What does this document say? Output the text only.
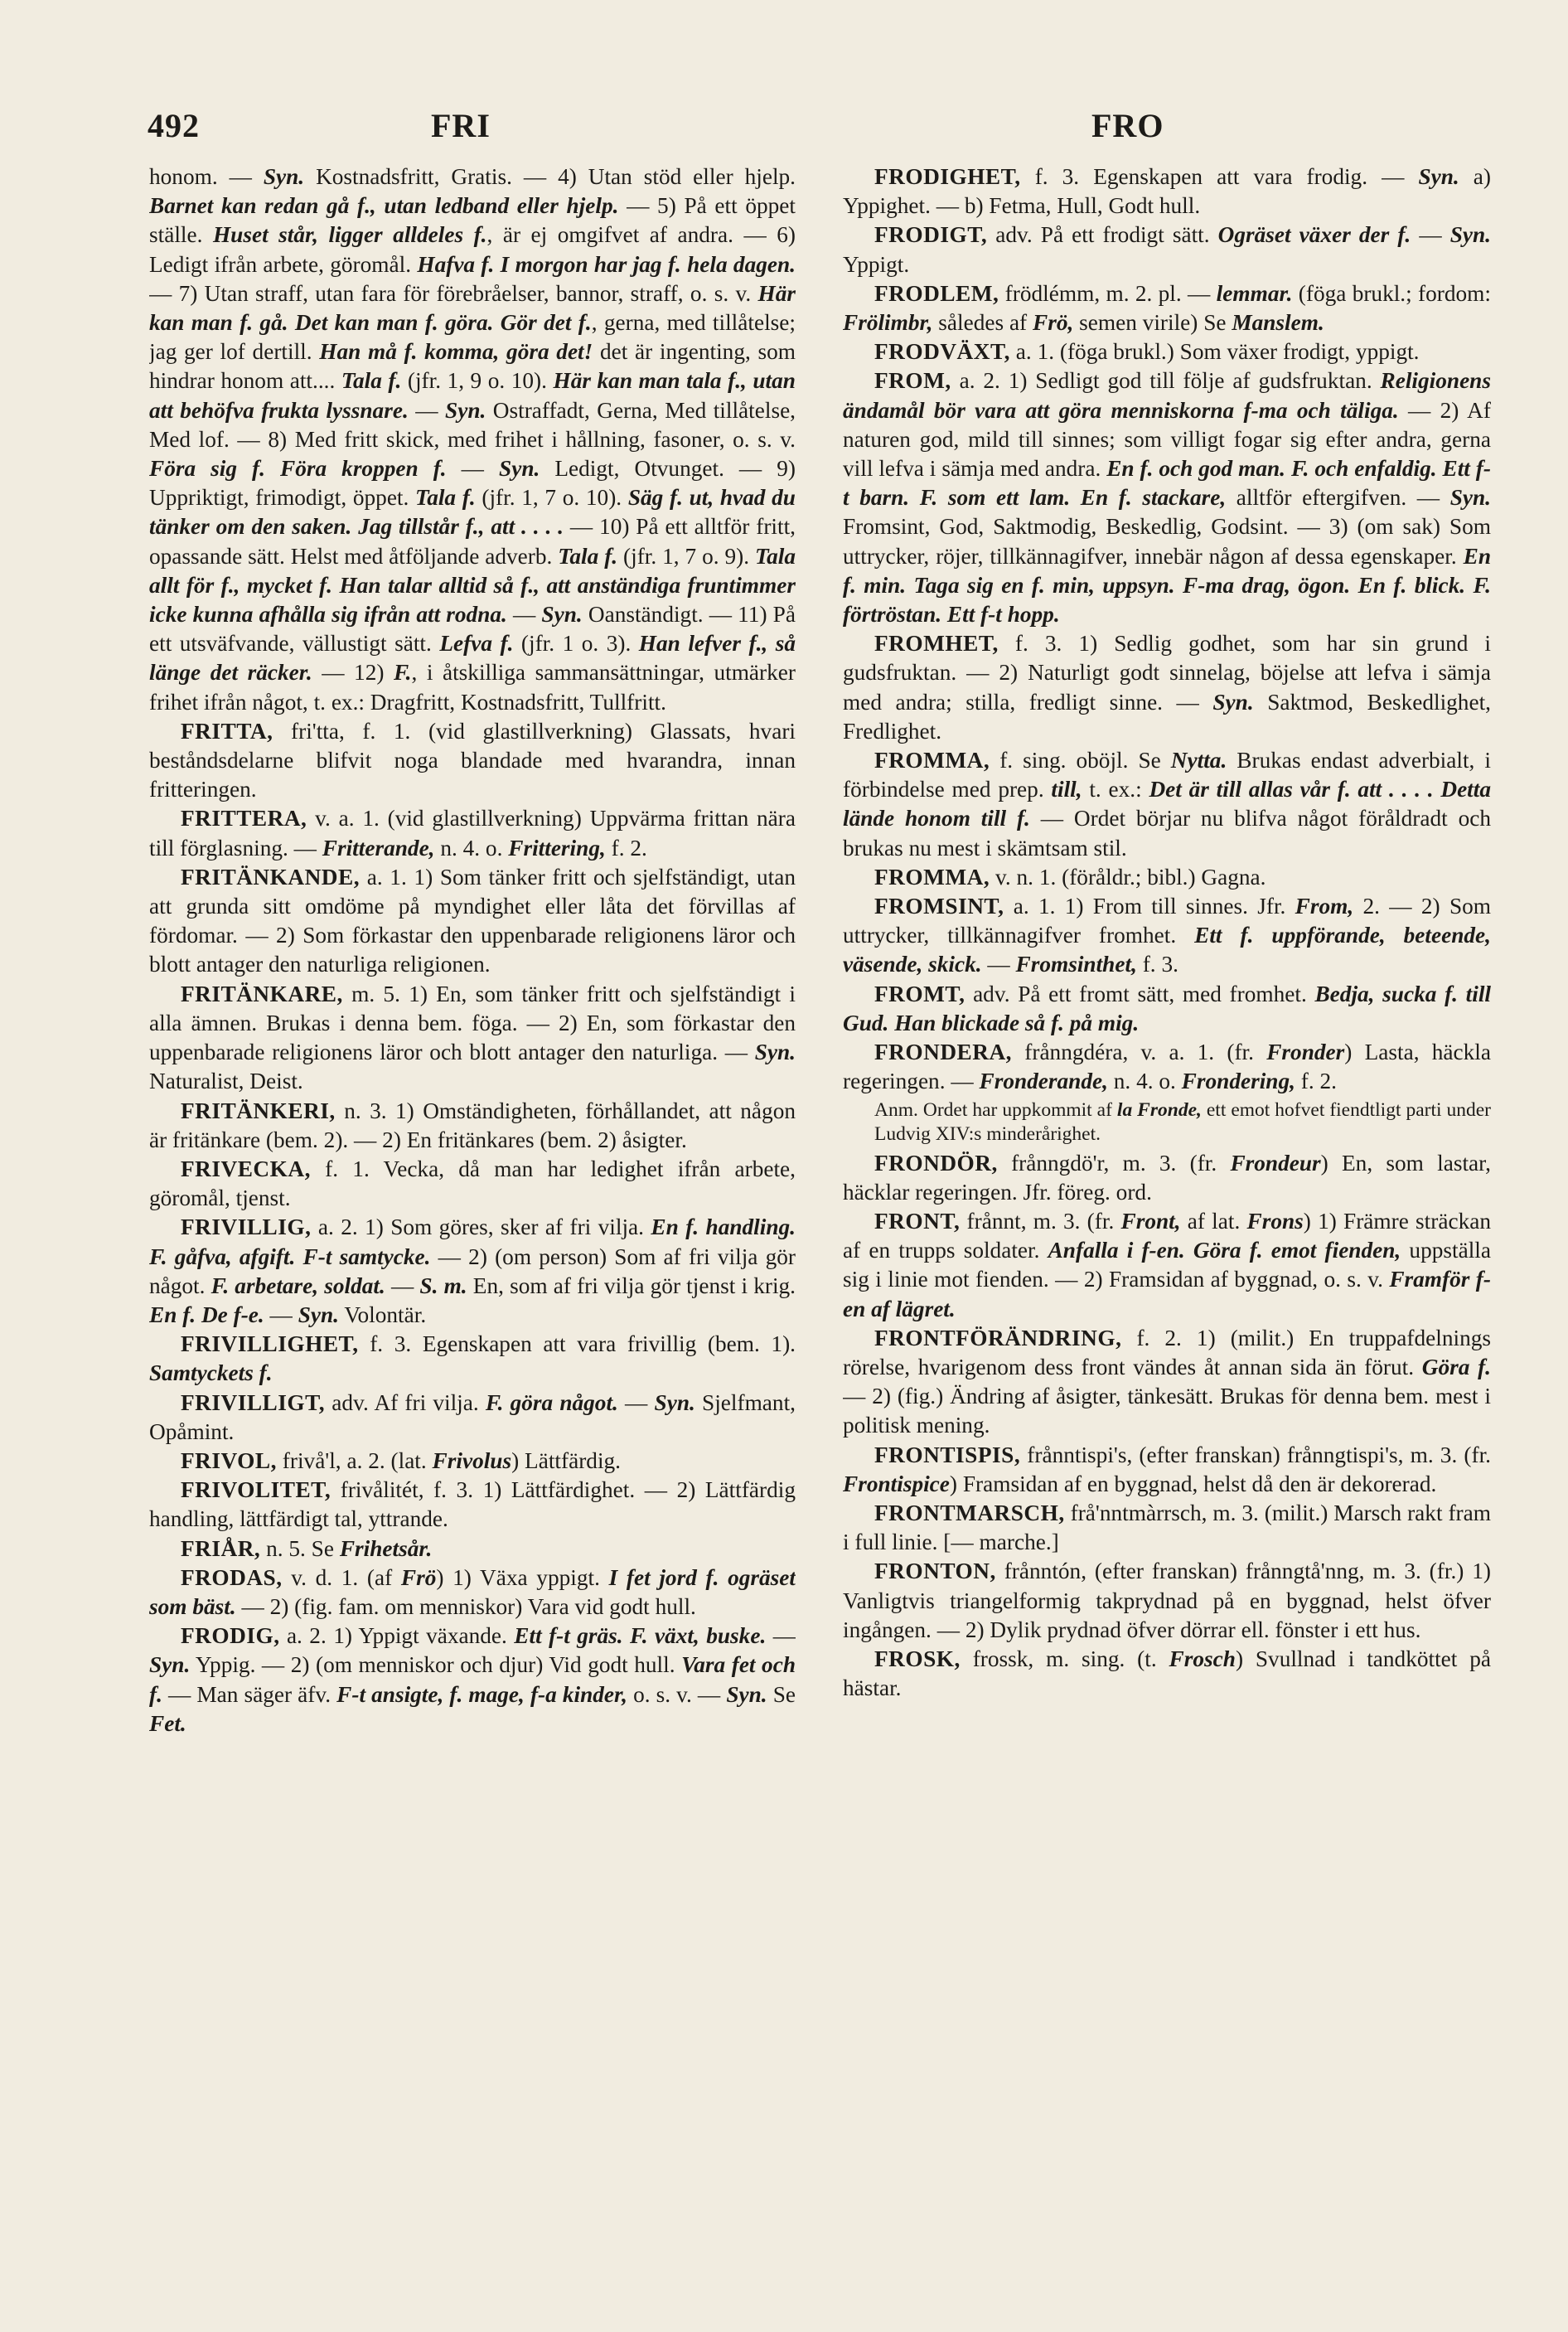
492	FRI	FRO

honom. — Syn. Kostnadsfritt, Gratis. — 4) Utan stöd eller hjelp. Barnet kan redan gå f., utan ledband eller hjelp. — 5) På ett öppet ställe. Huset står, ligger alldeles f., är ej omgifvet af andra. — 6) Ledigt ifrån arbete, göromål. Hafva f. I morgon har jag f. hela dagen. — 7) Utan straff, utan fara för förebråelser, bannor, straff, o. s. v. Här kan man f. gå. Det kan man f. göra. Gör det f., gerna, med tillåtelse; jag ger lof dertill. Han må f. komma, göra det! det är ingenting, som hindrar honom att.... Tala f. (jfr. 1, 9 o. 10). Här kan man tala f., utan att behöfva frukta lyssnare. — Syn. Ostraffadt, Gerna, Med tillåtelse, Med lof. — 8) Med fritt skick, med frihet i hållning, fasoner, o. s. v. Föra sig f. Föra kroppen f. — Syn. Ledigt, Otvunget. — 9) Uppriktigt, frimodigt, öppet. Tala f. (jfr. 1, 7 o. 10). Säg f. ut, hvad du tänker om den saken. Jag tillstår f., att . . . . — 10) På ett alltför fritt, opassande sätt. Helst med åtföljande adverb. Tala f. (jfr. 1, 7 o. 9). Tala allt för f., mycket f. Han talar alltid så f., att anständiga fruntimmer icke kunna afhålla sig ifrån att rodna. — Syn. Oanständigt. — 11) På ett utsväfvande, vällustigt sätt. Lefva f. (jfr. 1 o. 3). Han lefver f., så länge det räcker. — 12) F., i åtskilliga sammansättningar, utmärker frihet ifrån något, t. ex.: Dragfritt, Kostnadsfritt, Tullfritt.

FRITTA, fri'tta, f. 1. (vid glastillverkning) Glassats, hvari beståndsdelarne blifvit noga blandade med hvarandra, innan fritteringen.

FRITTERA, v. a. 1. (vid glastillverkning) Uppvärma frittan nära till förglasning. — Fritterande, n. 4. o. Frittering, f. 2.

FRITÄNKANDE, a. 1. 1) Som tänker fritt och sjelfständigt, utan att grunda sitt omdöme på myndighet eller låta det förvillas af fördomar. — 2) Som förkastar den uppenbarade religionens läror och blott antager den naturliga religionen.

FRITÄNKARE, m. 5. 1) En, som tänker fritt och sjelfständigt i alla ämnen. Brukas i denna bem. föga. — 2) En, som förkastar den uppenbarade religionens läror och blott antager den naturliga. — Syn. Naturalist, Deist.

FRITÄNKERI, n. 3. 1) Omständigheten, förhållandet, att någon är fritänkare (bem. 2). — 2) En fritänkares (bem. 2) åsigter.

FRIVECKA, f. 1. Vecka, då man har ledighet ifrån arbete, göromål, tjenst.

FRIVILLIG, a. 2. 1) Som göres, sker af fri vilja. En f. handling. F. gåfva, afgift. F-t samtycke. — 2) (om person) Som af fri vilja gör något. F. arbetare, soldat. — S. m. En, som af fri vilja gör tjenst i krig. En f. De f-e. — Syn. Volontär.

FRIVILLIGHET, f. 3. Egenskapen att vara frivillig (bem. 1). Samtyckets f.

FRIVILLIGT, adv. Af fri vilja. F. göra något. — Syn. Sjelfmant, Opåmint.

FRIVOL, frivå'l, a. 2. (lat. Frivolus) Lättfärdig.

FRIVOLITET, frivålitét, f. 3. 1) Lättfärdighet. — 2) Lättfärdig handling, lättfärdigt tal, yttrande.

FRIÅR, n. 5. Se Frihetsår.

FRODAS, v. d. 1. (af Frö) 1) Växa yppigt. I fet jord f. ogräset som bäst. — 2) (fig. fam. om menniskor) Vara vid godt hull.

FRODIG, a. 2. 1) Yppigt växande. Ett f-t gräs. F. växt, buske. — Syn. Yppig. — 2) (om menniskor och djur) Vid godt hull. Vara fet och f. — Man säger äfv. F-t ansigte, f. mage, f-a kinder, o. s. v. — Syn. Se Fet.

FRODIGHET, f. 3. Egenskapen att vara frodig. — Syn. a) Yppighet. — b) Fetma, Hull, Godt hull.

FRODIGT, adv. På ett frodigt sätt. Ogräset växer der f. — Syn. Yppigt.

FRODLEM, frödlémm, m. 2. pl. — lemmar. (föga brukl.; fordom: Frölimbr, således af Frö, semen virile) Se Manslem.

FRODVÄXT, a. 1. (föga brukl.) Som växer frodigt, yppigt.

FROM, a. 2. 1) Sedligt god till följe af gudsfruktan. Religionens ändamål bör vara att göra menniskorna f-ma och täliga. — 2) Af naturen god, mild till sinnes; som villigt fogar sig efter andra, gerna vill lefva i sämja med andra. En f. och god man. F. och enfaldig. Ett f-t barn. F. som ett lam. En f. stackare, alltför eftergifven. — Syn. Fromsint, God, Saktmodig, Beskedlig, Godsint. — 3) (om sak) Som uttrycker, röjer, tillkännagifver, innebär någon af dessa egenskaper. En f. min. Taga sig en f. min, uppsyn. F-ma drag, ögon. En f. blick. F. förtröstan. Ett f-t hopp.

FROMHET, f. 3. 1) Sedlig godhet, som har sin grund i gudsfruktan. — 2) Naturligt godt sinnelag, böjelse att lefva i sämja med andra; stilla, fredligt sinne. — Syn. Saktmod, Beskedlighet, Fredlighet.

FROMMA, f. sing. oböjl. Se Nytta. Brukas endast adverbialt, i förbindelse med prep. till, t. ex.: Det är till allas vår f. att . . . . Detta lände honom till f. — Ordet börjar nu blifva något föråldradt och brukas nu mest i skämtsam stil.

FROMMA, v. n. 1. (föråldr.; bibl.) Gagna.

FROMSINT, a. 1. 1) From till sinnes. Jfr. From, 2. — 2) Som uttrycker, tillkännagifver fromhet. Ett f. uppförande, beteende, väsende, skick. — Fromsinthet, f. 3.

FROMT, adv. På ett fromt sätt, med fromhet. Bedja, sucka f. till Gud. Han blickade så f. på mig.

FRONDERA, frånngdéra, v. a. 1. (fr. Fronder) Lasta, häckla regeringen. — Fronderande, n. 4. o. Frondering, f. 2.

Anm. Ordet har uppkommit af la Fronde, ett emot hofvet fiendtligt parti under Ludvig XIV:s minderårighet.

FRONDÖR, frånngdö'r, m. 3. (fr. Frondeur) En, som lastar, häcklar regeringen. Jfr. föreg. ord.

FRONT, frånnt, m. 3. (fr. Front, af lat. Frons) 1) Främre sträckan af en trupps soldater. Anfalla i f-en. Göra f. emot fienden, uppställa sig i linie mot fienden. — 2) Framsidan af byggnad, o. s. v. Framför f-en af lägret.

FRONTFÖRÄNDRING, f. 2. 1) (milit.) En truppafdelnings rörelse, hvarigenom dess front vändes åt annan sida än förut. Göra f. — 2) (fig.) Ändring af åsigter, tänkesätt. Brukas för denna bem. mest i politisk mening.

FRONTISPIS, frånntispi's, (efter franskan) frånngtispi's, m. 3. (fr. Frontispice) Framsidan af en byggnad, helst då den är dekorerad.

FRONTMARSCH, frå'nntmàrrsch, m. 3. (milit.) Marsch rakt fram i full linie. [— marche.]

FRONTON, frånntón, (efter franskan) frånngtå'nng, m. 3. (fr.) 1) Vanligtvis triangelformig takprydnad på en byggnad, helst öfver ingången. — 2) Dylik prydnad öfver dörrar ell. fönster i ett hus.

FROSK, frossk, m. sing. (t. Frosch) Svullnad i tandköttet på hästar.
